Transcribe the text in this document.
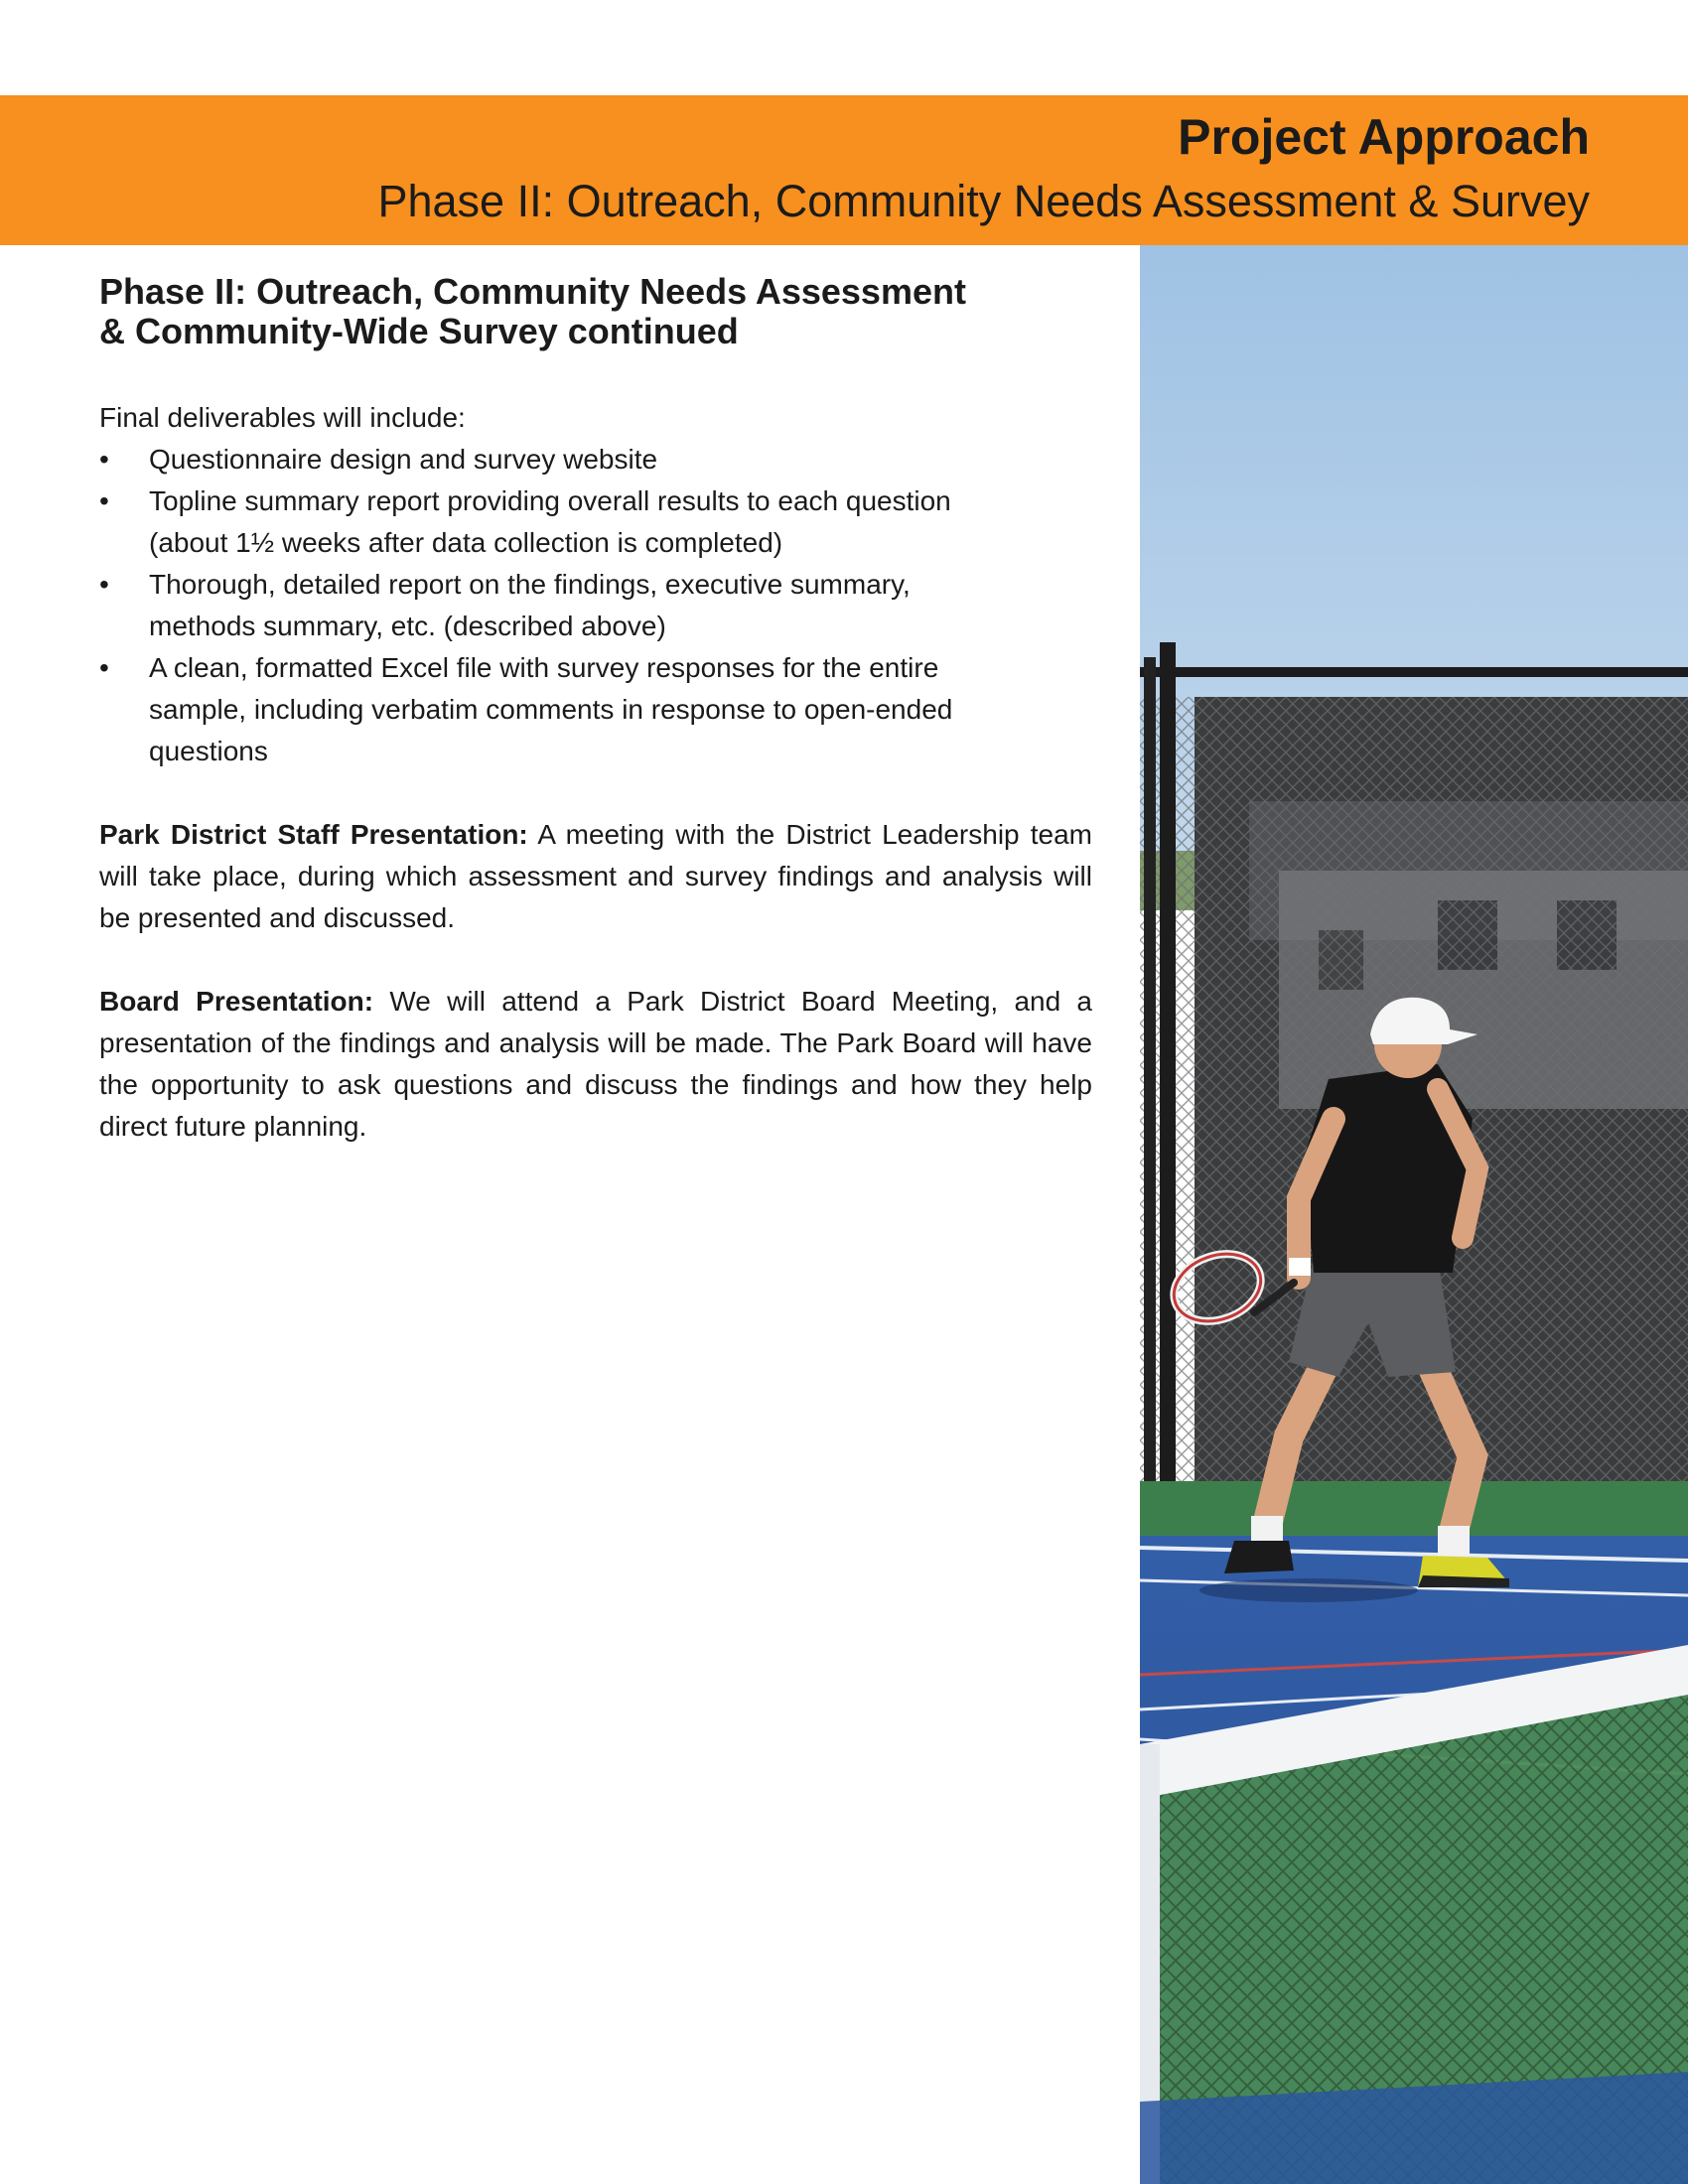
Project Approach
Phase II: Outreach, Community Needs Assessment & Survey
Phase II: Outreach, Community Needs Assessment
& Community-Wide Survey continued

Final deliverables will include:

• Questionnaire design and survey website
• Topline summary report providing overall results to each question
(about 1½ weeks after data collection is completed)
• Thorough, detailed report on the findings, executive summary,
methods summary, etc. (described above)
• A clean, formatted Excel file with survey responses for the entire
sample, including verbatim comments in response to open-ended
questions

Park District Staff Presentation: A meeting with the District Leadership team will take place, during which assessment and survey findings and analysis will be presented and discussed.

Board Presentation: We will attend a Park District Board Meeting, and a presentation of the findings and analysis will be made. The Park Board will have the opportunity to ask questions and discuss the findings and how they help direct future planning.
